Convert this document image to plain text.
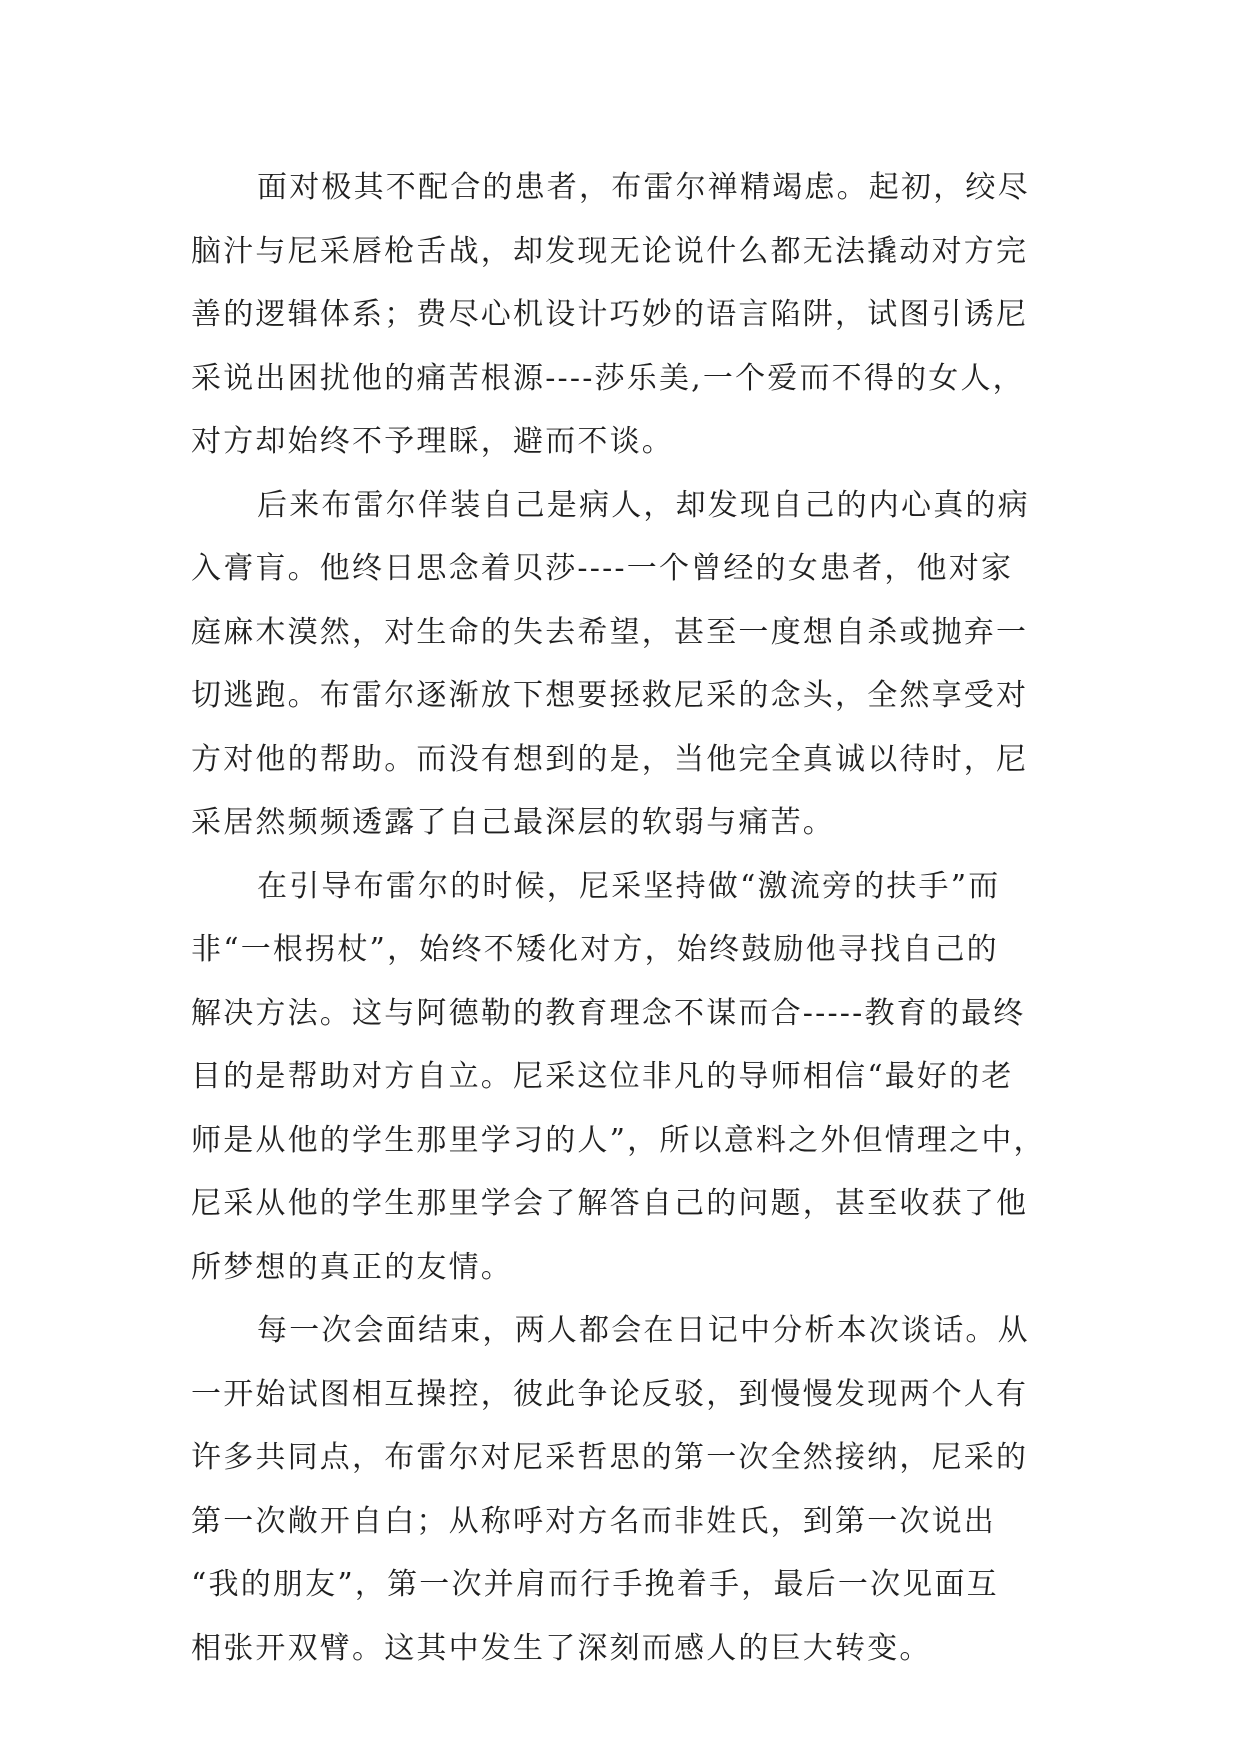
面对极其不配合的患者，布雷尔禅精竭虑。起初，绞尽
脑汁与尼采唇枪舌战，却发现无论说什么都无法撬动对方完
善的逻辑体系；费尽心机设计巧妙的语言陷阱，试图引诱尼
采说出困扰他的痛苦根源----莎乐美,一个爱而不得的女人，
对方却始终不予理睬，避而不谈。
后来布雷尔佯装自己是病人，却发现自己的内心真的病
入膏肓。他终日思念着贝莎----一个曾经的女患者，他对家
庭麻木漠然，对生命的失去希望，甚至一度想自杀或抛弃一
切逃跑。布雷尔逐渐放下想要拯救尼采的念头，全然享受对
方对他的帮助。而没有想到的是，当他完全真诚以待时，尼
采居然频频透露了自己最深层的软弱与痛苦。
在引导布雷尔的时候，尼采坚持做“激流旁的扶手”而
非“一根拐杖”，始终不矮化对方，始终鼓励他寻找自己的
解决方法。这与阿德勒的教育理念不谋而合-----教育的最终
目的是帮助对方自立。尼采这位非凡的导师相信“最好的老
师是从他的学生那里学习的人”，所以意料之外但情理之中，
尼采从他的学生那里学会了解答自己的问题，甚至收获了他
所梦想的真正的友情。
每一次会面结束，两人都会在日记中分析本次谈话。从
一开始试图相互操控，彼此争论反驳，到慢慢发现两个人有
许多共同点，布雷尔对尼采哲思的第一次全然接纳，尼采的
第一次敞开自白；从称呼对方名而非姓氏，到第一次说出
“我的朋友”，第一次并肩而行手挽着手，最后一次见面互
相张开双臂。这其中发生了深刻而感人的巨大转变。
